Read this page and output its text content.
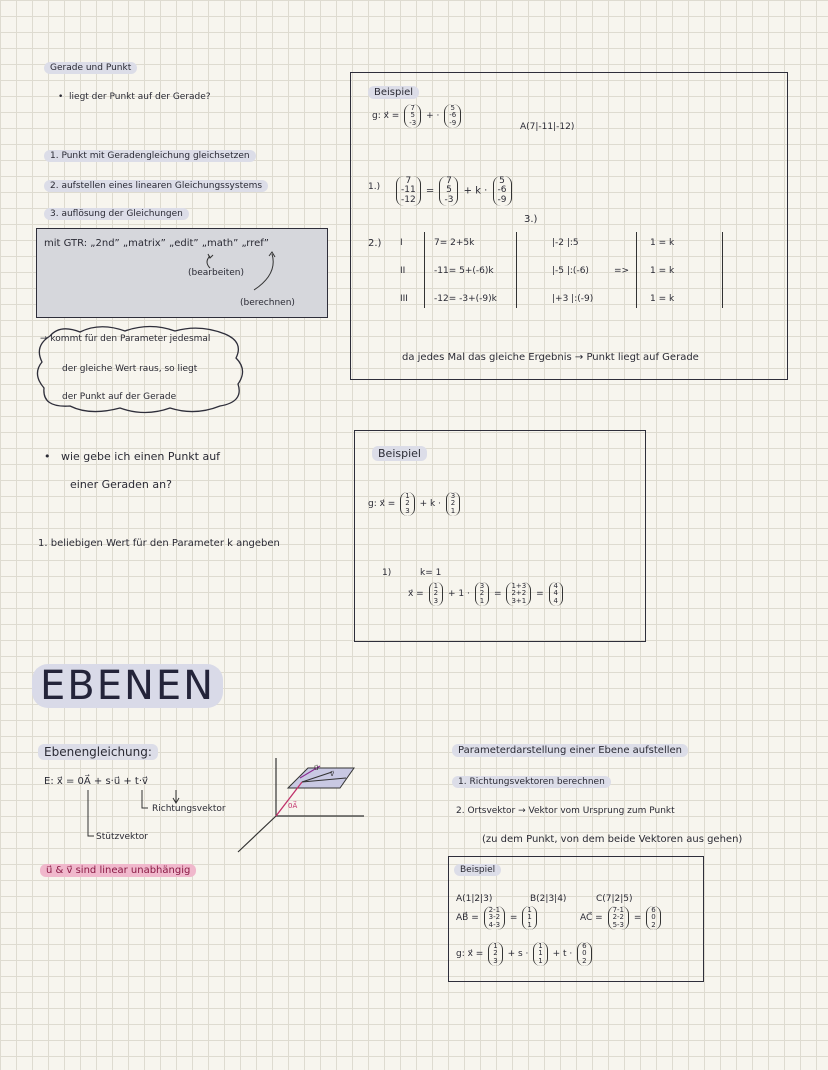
Gerade und Punkt
•  liegt der Punkt auf der Gerade?
1. Punkt mit Geradengleichung gleichsetzen
2. aufstellen eines linearen Gleichungssystems
3. auflösung der Gleichungen
mit GTR: „2nd” „matrix” „edit” „math” „rref”
(bearbeiten)
(berechnen)
→ kommt für den Parameter jedesmal
der gleiche Wert raus, so liegt
der Punkt auf der Gerade
•   wie gebe ich einen Punkt auf
einer Geraden an?
1. beliebigen Wert für den Parameter k angeben
Beispiel
g: x⃗ =
7
5
-3
+ ·
5
-6
-9	A(7|-11|-12)
1.)
7
-11
-12
=
7
5
-3
+ k ·
5
-6
-9
3.)
2.) I	7= 2+5k	|-2 |:5	1 = k
II	-11= 5+(-6)k	|-5 |:(-6)	=> 1 = k
III	-12= -3+(-9)k	|+3 |:(-9)	1 = k
da jedes Mal das gleiche Ergebnis → Punkt liegt auf Gerade
Beispiel
g: x⃗ =
1
2
3
+ k ·
3
2
1
1)	k= 1
x⃗ =
1
2
3
+ 1 ·
3
2
1
=
1+3
2+2
3+1
=
4
4
4
EBENEN
Ebenengleichung:
E: x⃗ = 0A⃗ + s·u⃗ + t·v⃗
Richtungsvektor
Stützvektor
u⃗ & v⃗ sind linear unabhängig
0A⃗
u⃗
v⃗
Parameterdarstellung einer Ebene aufstellen
1. Richtungsvektoren berechnen
2. Ortsvektor → Vektor vom Ursprung zum Punkt
(zu dem Punkt, von dem beide Vektoren aus gehen)
Beispiel
A(1|2|3)	B(2|3|4)	C(7|2|5)
AB⃗ =
2-1
3-2
4-3
=
1
1
1
AC⃗ =
7-1
2-2
5-3
=
6
0
2
g: x⃗ =
1
2
3
+ s ·
1
1
1
+ t ·
6
0
2
